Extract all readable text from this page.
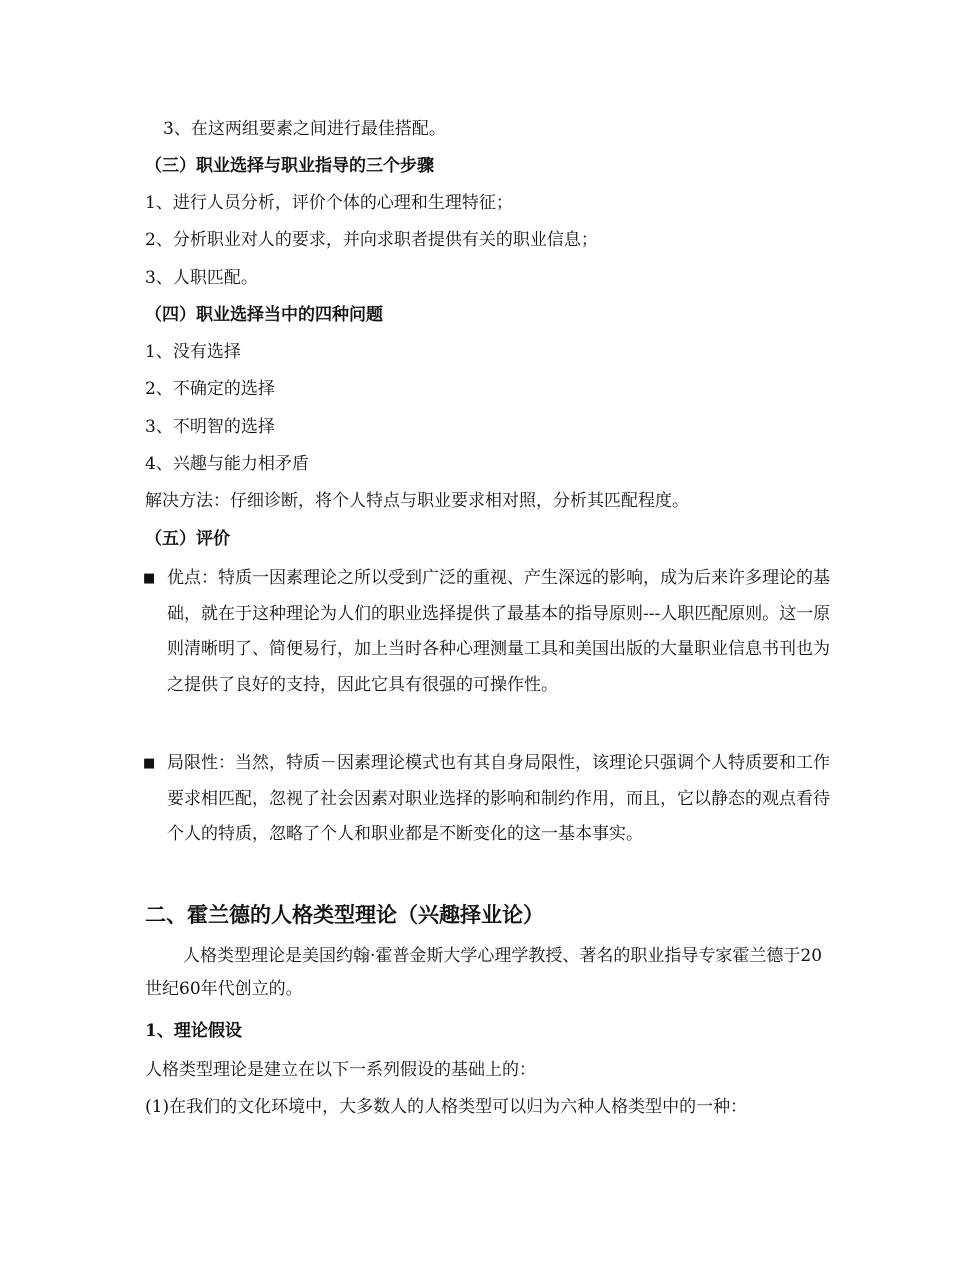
3、在这两组要素之间进行最佳搭配。
（三）职业选择与职业指导的三个步骤
1、进行人员分析，评价个体的心理和生理特征；
2、分析职业对人的要求，并向求职者提供有关的职业信息；
3、人职匹配。
（四）职业选择当中的四种问题
1、没有选择
2、不确定的选择
3、不明智的选择
4、兴趣与能力相矛盾
解决方法：仔细诊断，将个人特点与职业要求相对照，分析其匹配程度。
（五）评价
■ 优点：特质一因素理论之所以受到广泛的重视、产生深远的影响，成为后来许多理论的基础，就在于这种理论为人们的职业选择提供了最基本的指导原则---人职匹配原则。这一原则清晰明了、简便易行，加上当时各种心理测量工具和美国出版的大量职业信息书刊也为之提供了良好的支持，因此它具有很强的可操作性。
■ 局限性：当然，特质－因素理论模式也有其自身局限性，该理论只强调个人特质要和工作要求相匹配，忽视了社会因素对职业选择的影响和制约作用，而且，它以静态的观点看待个人的特质，忽略了个人和职业都是不断变化的这一基本事实。
二、霍兰德的人格类型理论（兴趣择业论）
人格类型理论是美国约翰·霍普金斯大学心理学教授、著名的职业指导专家霍兰德于20世纪60年代创立的。
1、理论假设
人格类型理论是建立在以下一系列假设的基础上的：
(1)在我们的文化环境中，大多数人的人格类型可以归为六种人格类型中的一种：
